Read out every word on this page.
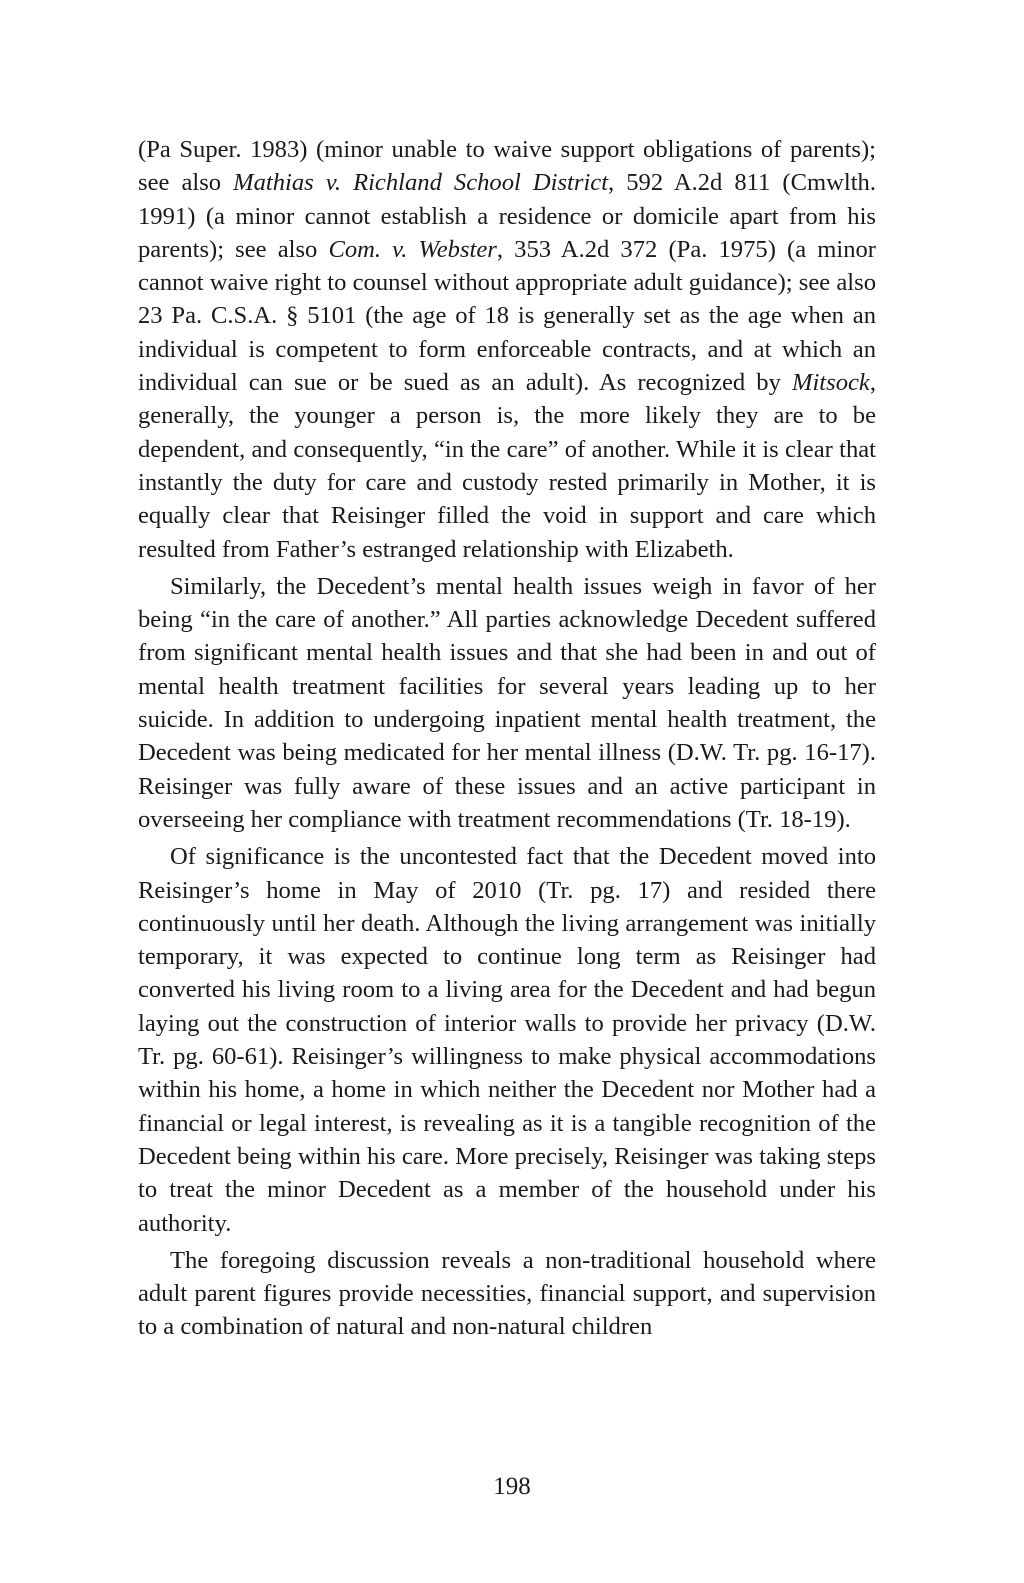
(Pa Super. 1983) (minor unable to waive support obligations of parents); see also Mathias v. Richland School District, 592 A.2d 811 (Cmwlth. 1991) (a minor cannot establish a residence or domicile apart from his parents); see also Com. v. Webster, 353 A.2d 372 (Pa. 1975) (a minor cannot waive right to counsel without appropriate adult guidance); see also 23 Pa. C.S.A. § 5101 (the age of 18 is generally set as the age when an individual is competent to form enforceable contracts, and at which an individual can sue or be sued as an adult). As recognized by Mitsock, generally, the younger a person is, the more likely they are to be dependent, and consequently, “in the care” of another. While it is clear that instantly the duty for care and custody rested primarily in Mother, it is equally clear that Reisinger filled the void in support and care which resulted from Father’s estranged relationship with Elizabeth.

Similarly, the Decedent’s mental health issues weigh in favor of her being “in the care of another.” All parties acknowledge Decedent suffered from significant mental health issues and that she had been in and out of mental health treatment facilities for several years leading up to her suicide. In addition to undergoing inpatient mental health treatment, the Decedent was being medicated for her mental illness (D.W. Tr. pg. 16-17). Reisinger was fully aware of these issues and an active participant in overseeing her compliance with treatment recommendations (Tr. 18-19).

Of significance is the uncontested fact that the Decedent moved into Reisinger’s home in May of 2010 (Tr. pg. 17) and resided there continuously until her death. Although the living arrangement was initially temporary, it was expected to continue long term as Reisinger had converted his living room to a living area for the Decedent and had begun laying out the construction of interior walls to provide her privacy (D.W. Tr. pg. 60-61). Reisinger’s willingness to make physical accommodations within his home, a home in which neither the Decedent nor Mother had a financial or legal interest, is revealing as it is a tangible recognition of the Decedent being within his care. More precisely, Reisinger was taking steps to treat the minor Decedent as a member of the household under his authority.

The foregoing discussion reveals a non-traditional household where adult parent figures provide necessities, financial support, and supervision to a combination of natural and non-natural children

198
